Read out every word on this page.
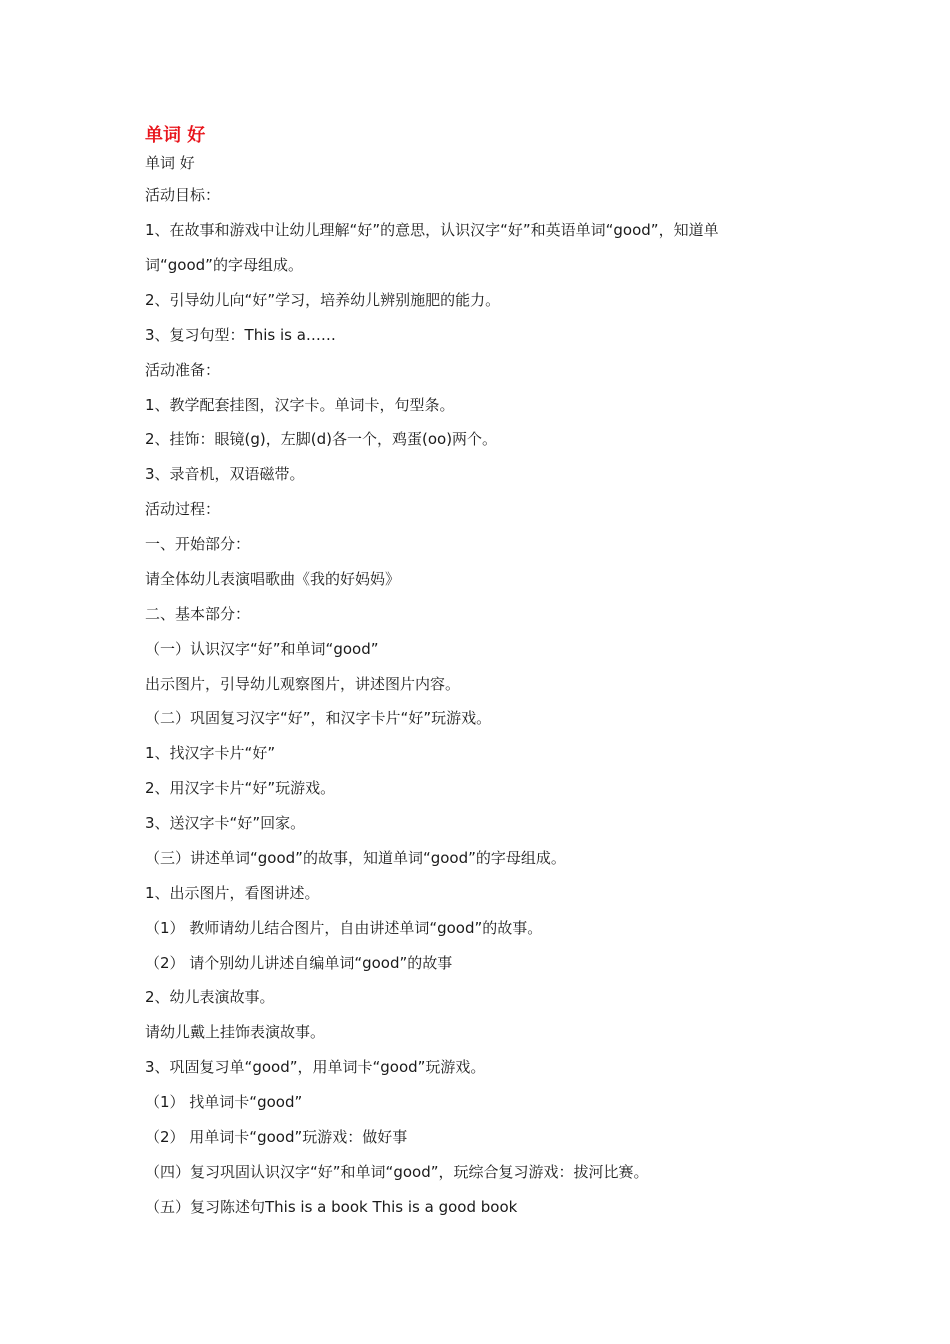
单词 好

单词 好

活动目标：

1、在故事和游戏中让幼儿理解“好”的意思，认识汉字“好”和英语单词“good”，知道单

词“good”的字母组成。

2、引导幼儿向“好”学习，培养幼儿辨别施肥的能力。

3、复习句型：This is a……

活动准备：

1、教学配套挂图，汉字卡。单词卡，句型条。

2、挂饰：眼镜(g)，左脚(d)各一个，鸡蛋(oo)两个。

3、录音机，双语磁带。

活动过程：

一、开始部分：

请全体幼儿表演唱歌曲《我的好妈妈》

二、基本部分：

（一）认识汉字“好”和单词“good”

出示图片，引导幼儿观察图片，讲述图片内容。

（二）巩固复习汉字“好”，和汉字卡片“好”玩游戏。

1、找汉字卡片“好”

2、用汉字卡片“好”玩游戏。

3、送汉字卡“好”回家。

（三）讲述单词“good”的故事，知道单词“good”的字母组成。

1、出示图片，看图讲述。

（1） 教师请幼儿结合图片，自由讲述单词“good”的故事。

（2） 请个别幼儿讲述自编单词“good”的故事

2、幼儿表演故事。

请幼儿戴上挂饰表演故事。

3、巩固复习单“good”，用单词卡“good”玩游戏。

（1） 找单词卡“good”

（2） 用单词卡“good”玩游戏：做好事

（四）复习巩固认识汉字“好”和单词“good”，玩综合复习游戏：拔河比赛。

（五）复习陈述句This is a book This is a good book
